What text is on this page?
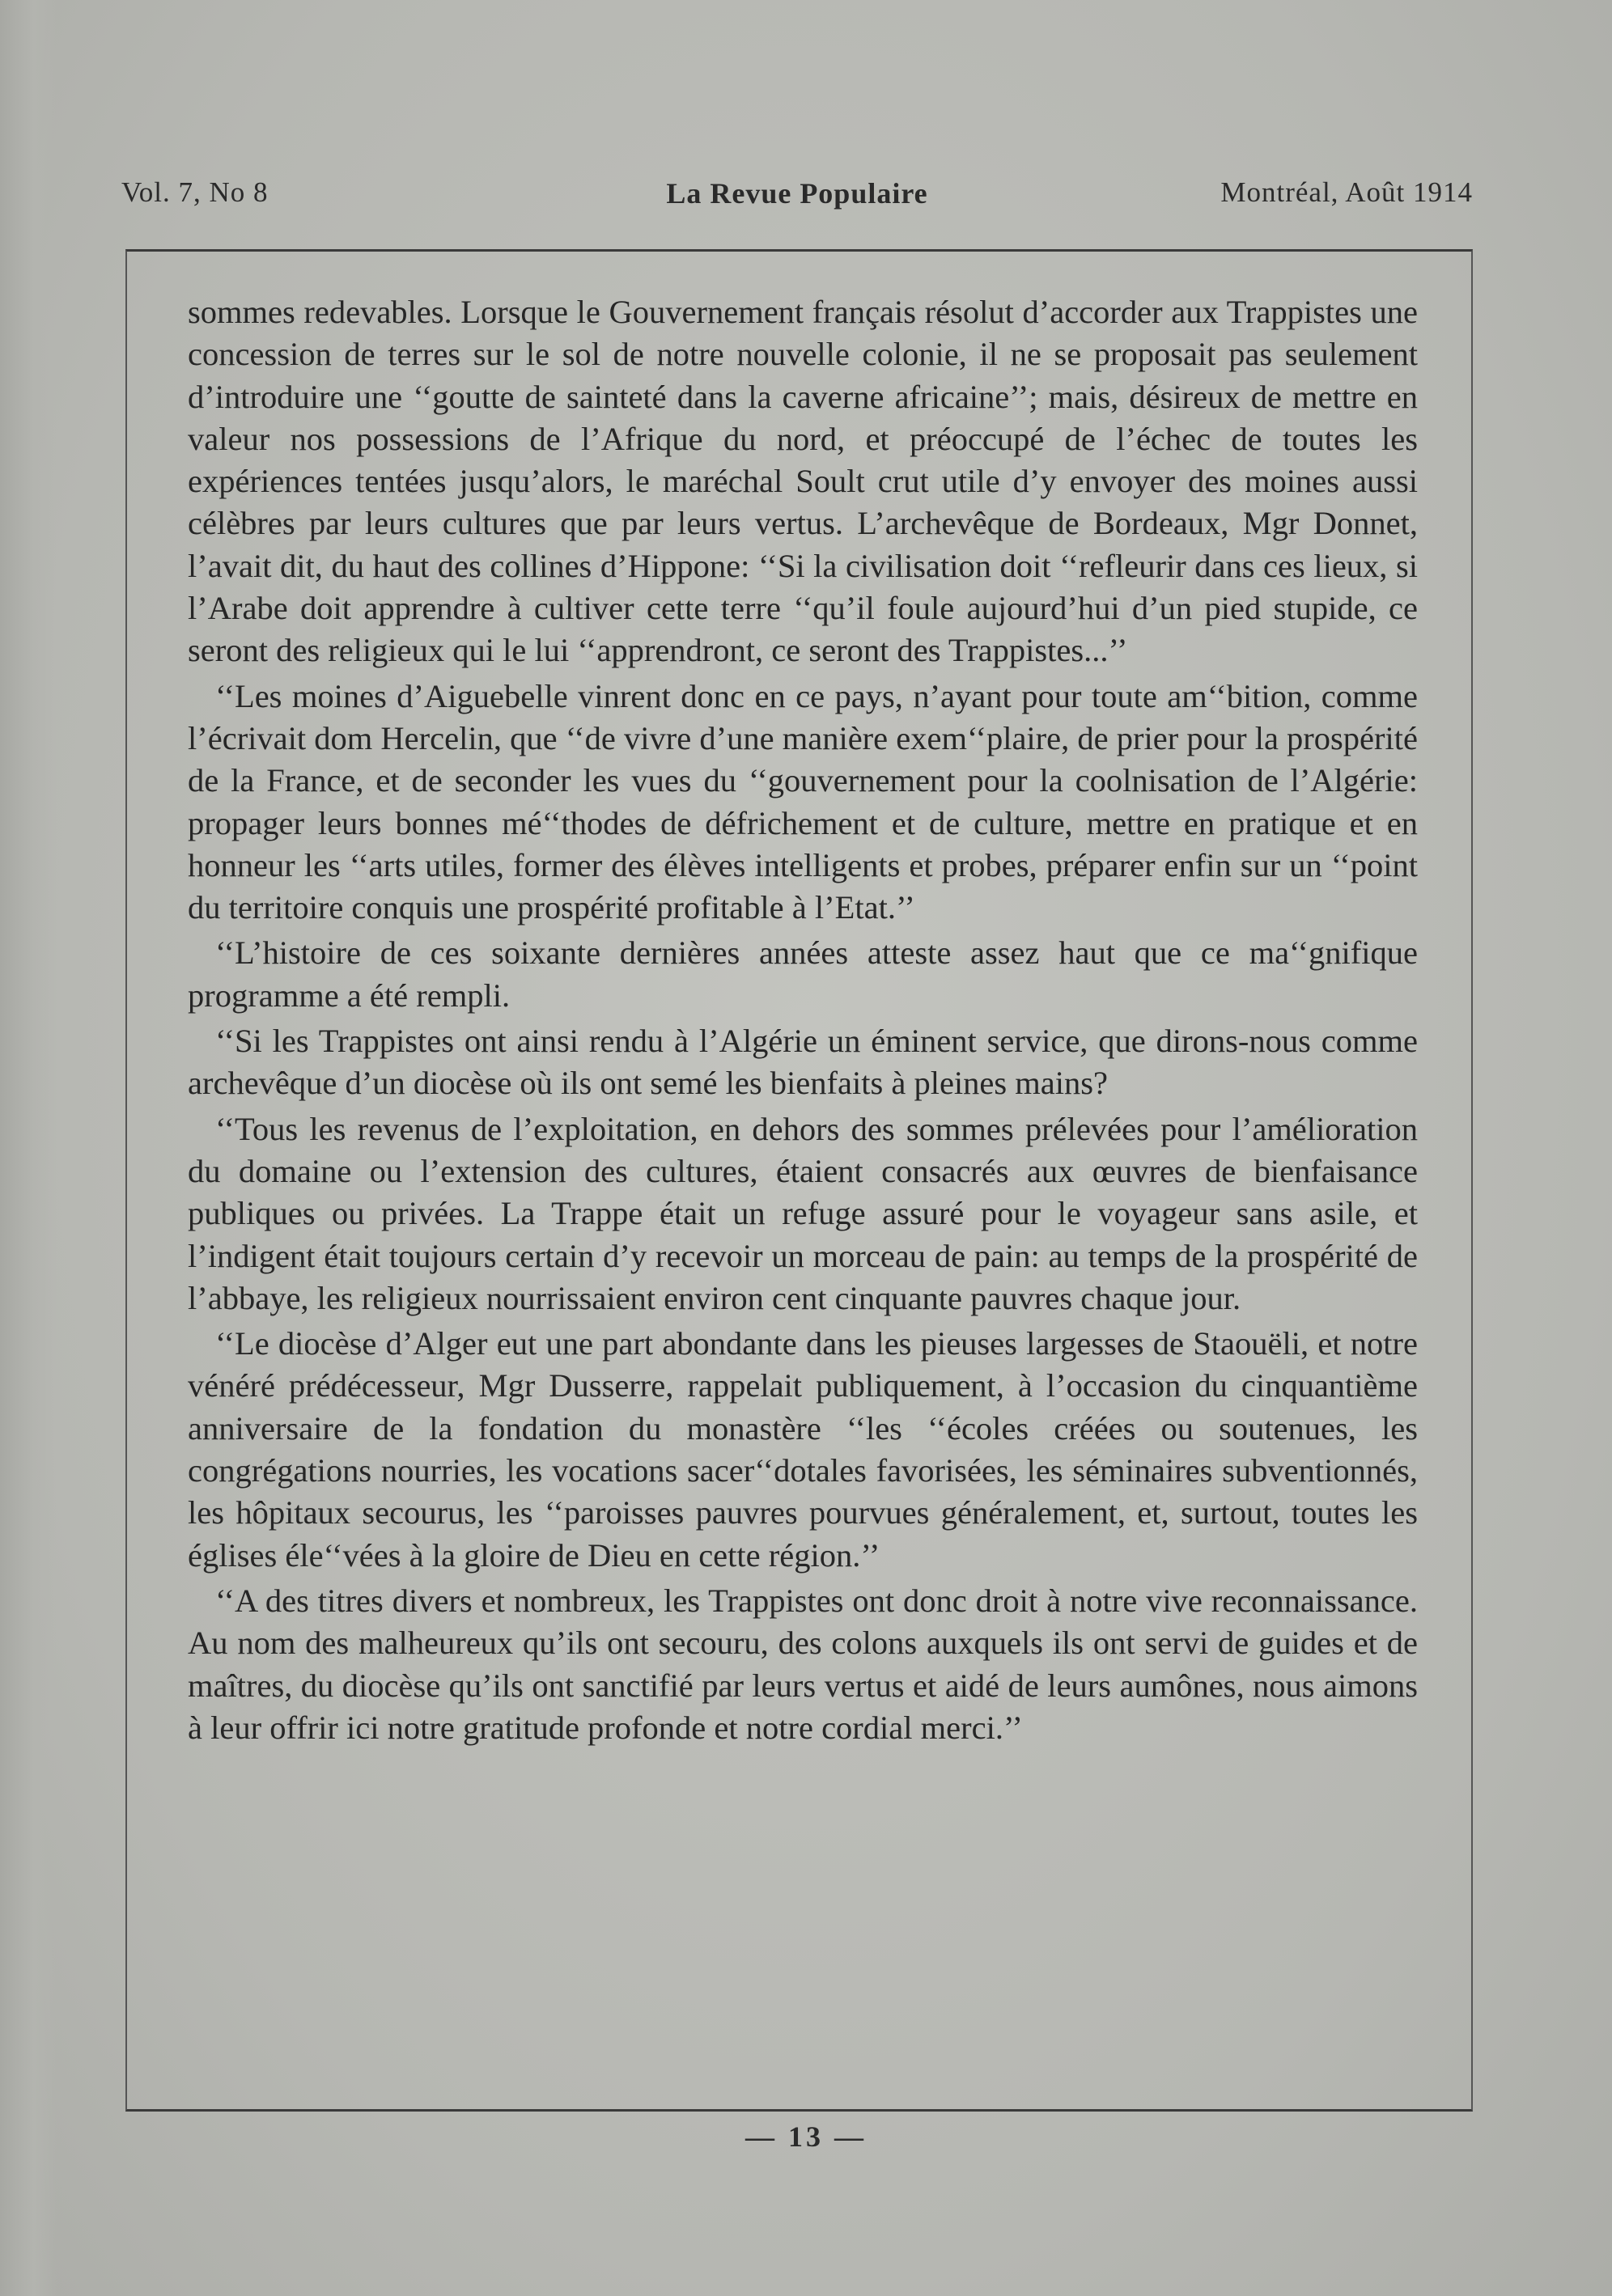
Vol. 7, No 8	La Revue Populaire	Montréal, Août 1914

sommes redevables. Lorsque le Gouvernement français résolut d’accorder aux Trappistes une concession de terres sur le sol de notre nouvelle colonie, il ne se proposait pas seulement d’introduire une ‘‘goutte de sainteté dans la caverne africaine’’; mais, désireux de mettre en valeur nos possessions de l’Afrique du nord, et préoccupé de l’échec de toutes les expériences tentées jusqu’alors, le maréchal Soult crut utile d’y envoyer des moines aussi célèbres par leurs cultures que par leurs vertus. L’archevêque de Bordeaux, Mgr Donnet, l’avait dit, du haut des collines d’Hippone: ‘‘Si la civilisation doit ‘‘refleurir dans ces lieux, si l’Arabe doit apprendre à cultiver cette terre ‘‘qu’il foule aujourd’hui d’un pied stupide, ce seront des religieux qui le lui ‘‘apprendront, ce seront des Trappistes...’’

‘‘Les moines d’Aiguebelle vinrent donc en ce pays, n’ayant pour toute am‘‘bition, comme l’écrivait dom Hercelin, que ‘‘de vivre d’une manière exem‘‘plaire, de prier pour la prospérité de la France, et de seconder les vues du ‘‘gouvernement pour la coolnisation de l’Algérie: propager leurs bonnes mé‘‘thodes de défrichement et de culture, mettre en pratique et en honneur les ‘‘arts utiles, former des élèves intelligents et probes, préparer enfin sur un ‘‘point du territoire conquis une prospérité profitable à l’Etat.’’

‘‘L’histoire de ces soixante dernières années atteste assez haut que ce ma‘‘gnifique programme a été rempli.

‘‘Si les Trappistes ont ainsi rendu à l’Algérie un éminent service, que dirons-nous comme archevêque d’un diocèse où ils ont semé les bienfaits à pleines mains?

‘‘Tous les revenus de l’exploitation, en dehors des sommes prélevées pour l’amélioration du domaine ou l’extension des cultures, étaient consacrés aux œuvres de bienfaisance publiques ou privées. La Trappe était un refuge assuré pour le voyageur sans asile, et l’indigent était toujours certain d’y recevoir un morceau de pain: au temps de la prospérité de l’abbaye, les religieux nourrissaient environ cent cinquante pauvres chaque jour.

‘‘Le diocèse d’Alger eut une part abondante dans les pieuses largesses de Staouëli, et notre vénéré prédécesseur, Mgr Dusserre, rappelait publiquement, à l’occasion du cinquantième anniversaire de la fondation du monastère ‘‘les ‘‘écoles créées ou soutenues, les congrégations nourries, les vocations sacer‘‘dotales favorisées, les séminaires subventionnés, les hôpitaux secourus, les ‘‘paroisses pauvres pourvues généralement, et, surtout, toutes les églises éle‘‘vées à la gloire de Dieu en cette région.’’

‘‘A des titres divers et nombreux, les Trappistes ont donc droit à notre vive reconnaissance. Au nom des malheureux qu’ils ont secouru, des colons auxquels ils ont servi de guides et de maîtres, du diocèse qu’ils ont sanctifié par leurs vertus et aidé de leurs aumônes, nous aimons à leur offrir ici notre gratitude profonde et notre cordial merci.’’

— 13 —
